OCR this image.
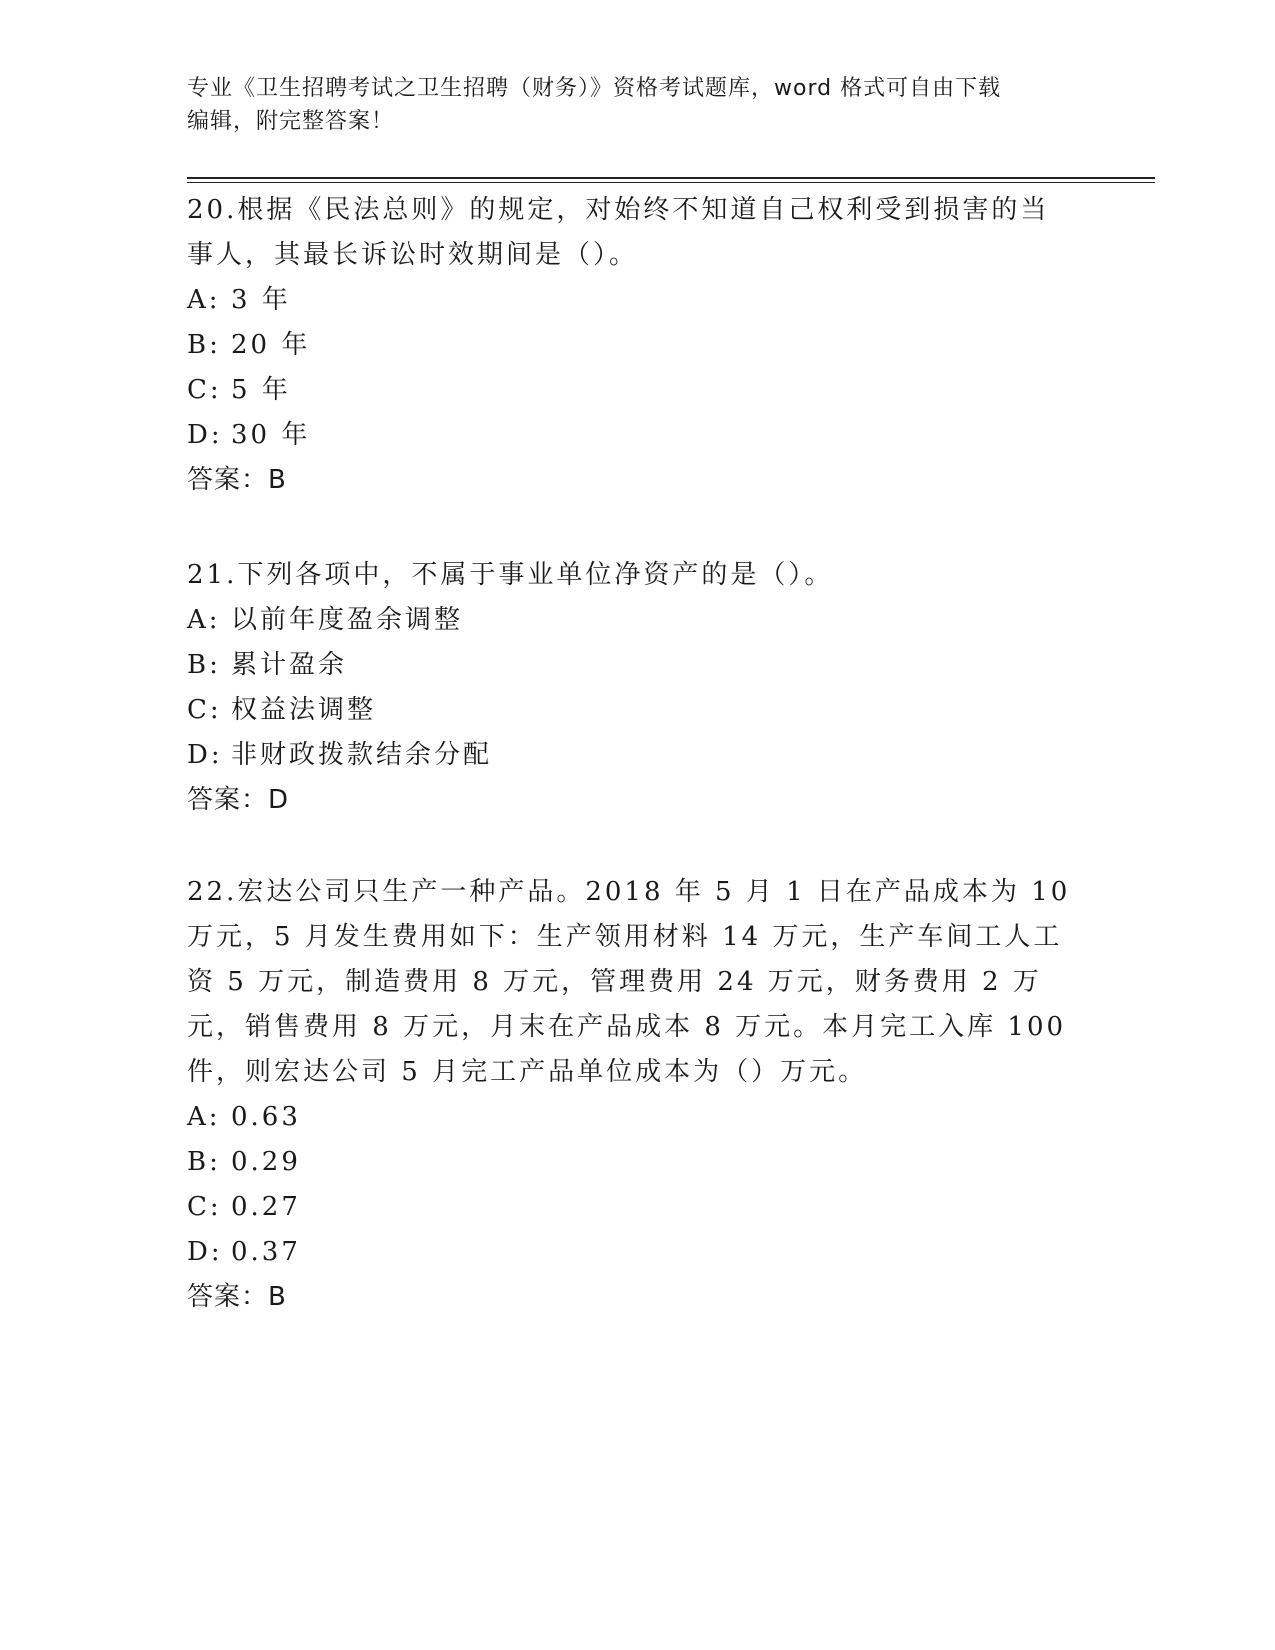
专业《卫生招聘考试之卫生招聘（财务）》资格考试题库，word 格式可自由下载
编辑，附完整答案！
20.根据《民法总则》的规定，对始终不知道自己权利受到损害的当事人，其最长诉讼时效期间是（）。
A: 3 年
B: 20 年
C: 5 年
D: 30 年
答案：B
21.下列各项中，不属于事业单位净资产的是（）。
A: 以前年度盈余调整
B: 累计盈余
C: 权益法调整
D: 非财政拨款结余分配
答案：D
22.宏达公司只生产一种产品。2018 年 5 月 1 日在产品成本为 10 万元，5 月发生费用如下：生产领用材料 14 万元，生产车间工人工资 5 万元，制造费用 8 万元，管理费用 24 万元，财务费用 2 万元，销售费用 8 万元，月末在产品成本 8 万元。本月完工入库 100 件，则宏达公司 5 月完工产品单位成本为（）万元。
A: 0.63
B: 0.29
C: 0.27
D: 0.37
答案：B
